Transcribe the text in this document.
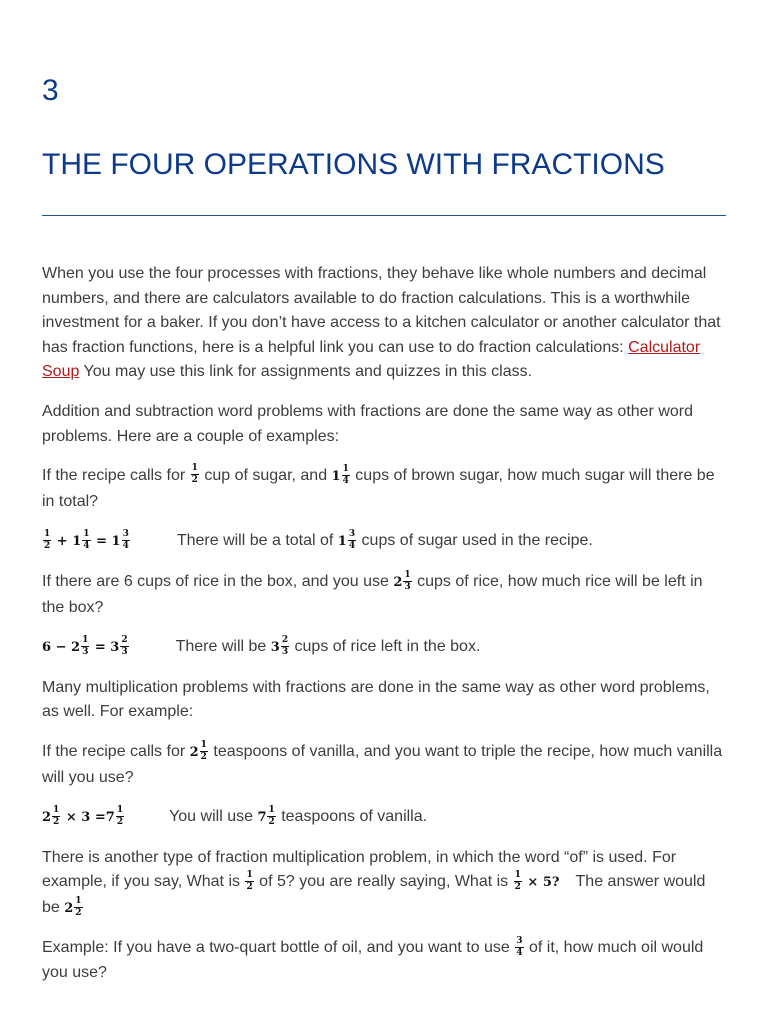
3
THE FOUR OPERATIONS WITH FRACTIONS

When you use the four processes with fractions, they behave like whole numbers and decimal numbers, and there are calculators available to do fraction calculations. This is a worthwhile investment for a baker. If you don’t have access to a kitchen calculator or another calculator that has fraction functions, here is a helpful link you can use to do fraction calculations: Calculator Soup You may use this link for assignments and quizzes in this class.

Addition and subtraction word problems with fractions are done the same way as other word problems. Here are a couple of examples:

If the recipe calls for $\frac{1}{2}$ cup of sugar, and $1 \frac{1}{4}$ cups of brown sugar, how much sugar will there be in total?

$\frac{1}{2} + 1 \frac{1}{4} = 1 \frac{3}{4}$	There will be a total of $1 \frac{3}{4}$ cups of sugar used in the recipe.

If there are 6 cups of rice in the box, and you use $2 \frac{1}{3}$ cups of rice, how much rice will be left in the box?

$6 - 2 \frac{1}{3} = 3 \frac{2}{3}$	There will be $3 \frac{2}{3}$ cups of rice left in the box.

Many multiplication problems with fractions are done in the same way as other word problems, as well. For example:

If the recipe calls for $2 \frac{1}{2}$ teaspoons of vanilla, and you want to triple the recipe, how much vanilla will you use?

$2 \frac{1}{2} \times 3 =7 \frac{1}{2}$	You will use $7 \frac{1}{2}$ teaspoons of vanilla.

There is another type of fraction multiplication problem, in which the word “of” is used. For example, if you say, What is $\frac{1}{2}$ of 5? you are really saying, What is $\frac{1}{2} \times 5$? The answer would be $2 \frac{1}{2}$

Example: If you have a two-quart bottle of oil, and you want to use $\frac{3}{4}$ of it, how much oil would you use?
